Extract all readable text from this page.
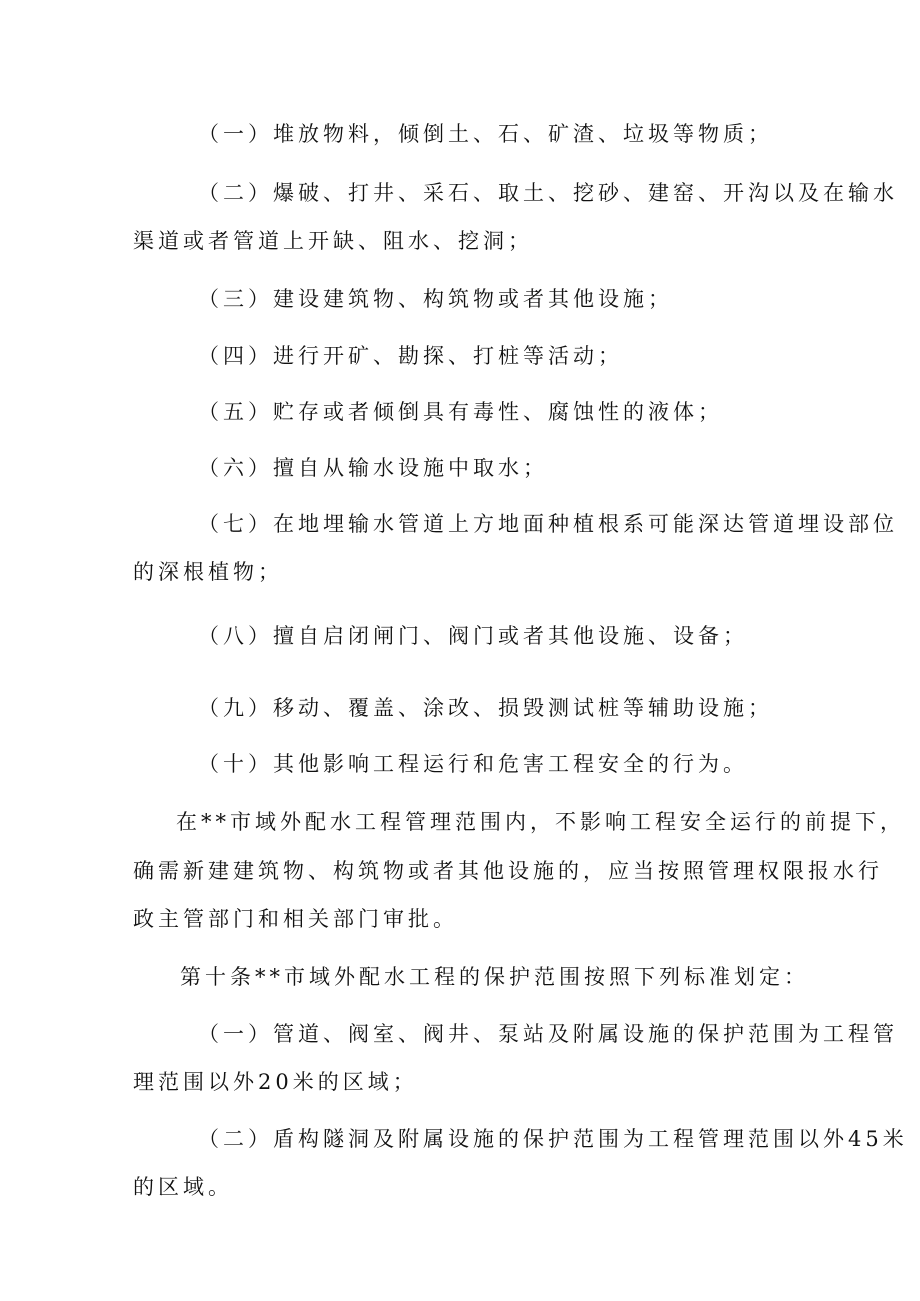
（一）堆放物料，倾倒土、石、矿渣、垃圾等物质；

（二）爆破、打井、采石、取土、挖砂、建窑、开沟以及在输水

渠道或者管道上开缺、阻水、挖洞；

（三）建设建筑物、构筑物或者其他设施；

（四）进行开矿、勘探、打桩等活动；

（五）贮存或者倾倒具有毒性、腐蚀性的液体；

（六）擅自从输水设施中取水；

（七）在地埋输水管道上方地面种植根系可能深达管道埋设部位

的深根植物；

（八）擅自启闭闸门、阀门或者其他设施、设备；

（九）移动、覆盖、涂改、损毁测试桩等辅助设施；

（十）其他影响工程运行和危害工程安全的行为。

在**市域外配水工程管理范围内，不影响工程安全运行的前提下，

确需新建建筑物、构筑物或者其他设施的，应当按照管理权限报水行

政主管部门和相关部门审批。

第十条**市域外配水工程的保护范围按照下列标准划定：

（一）管道、阀室、阀井、泵站及附属设施的保护范围为工程管

理范围以外20米的区域；

（二）盾构隧洞及附属设施的保护范围为工程管理范围以外45米

的区域。
